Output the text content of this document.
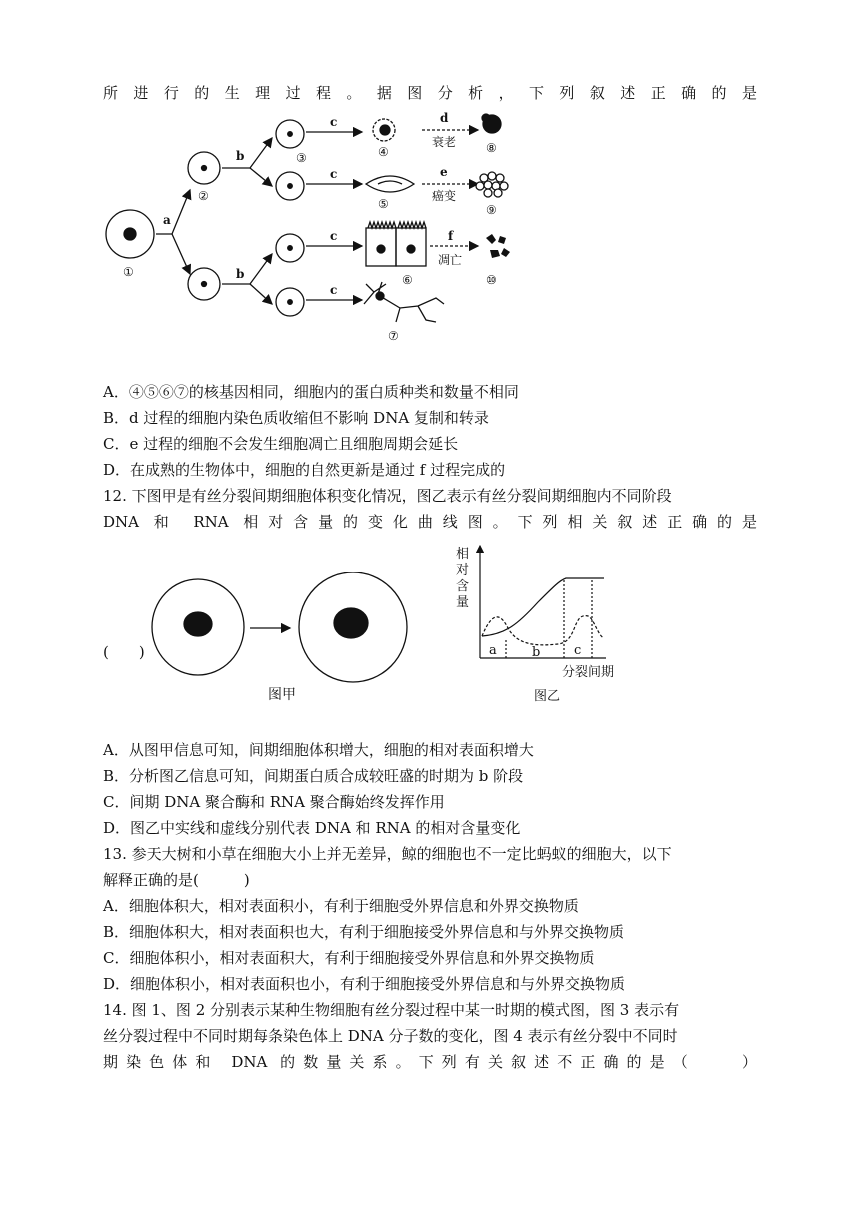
所进行的生理过程。据图分析，下列叙述正确的是
①
a
②
b
b
③
c
c
c
c
④
⑤
⑥
⑦
d
衰老
e
癌变
f
凋亡
⑧
⑨
⑩
A．④⑤⑥⑦的核基因相同，细胞内的蛋白质种类和数量不相同
B．d 过程的细胞内染色质收缩但不影响 DNA 复制和转录
C．e 过程的细胞不会发生细胞凋亡且细胞周期会延长
D．在成熟的生物体中，细胞的自然更新是通过 f 过程完成的
12. 下图甲是有丝分裂间期细胞体积变化情况，图乙表示有丝分裂间期细胞内不同阶段
DNA 和 RNA 相对含量的变化曲线图。下列相关叙述正确的是
(　　)
图甲
相
对
含
量
a	b	c
分裂间期
图乙
A．从图甲信息可知，间期细胞体积增大，细胞的相对表面积增大
B．分析图乙信息可知，间期蛋白质合成较旺盛的时期为 b 阶段
C．间期 DNA 聚合酶和 RNA 聚合酶始终发挥作用
D．图乙中实线和虚线分别代表 DNA 和 RNA 的相对含量变化
13. 参天大树和小草在细胞大小上并无差异，鲸的细胞也不一定比蚂蚁的细胞大，以下
解释正确的是(　　　)
A．细胞体积大，相对表面积小，有利于细胞受外界信息和外界交换物质
B．细胞体积大，相对表面积也大，有利于细胞接受外界信息和与外界交换物质
C．细胞体积小，相对表面积大，有利于细胞接受外界信息和外界交换物质
D．细胞体积小，相对表面积也小，有利于细胞接受外界信息和与外界交换物质
14. 图 1、图 2 分别表示某种生物细胞有丝分裂过程中某一时期的模式图，图 3 表示有
丝分裂过程中不同时期每条染色体上 DNA 分子数的变化，图 4 表示有丝分裂中不同时
期染色体和 DNA 的数量关系。下列有关叙述不正确的是（　　）
